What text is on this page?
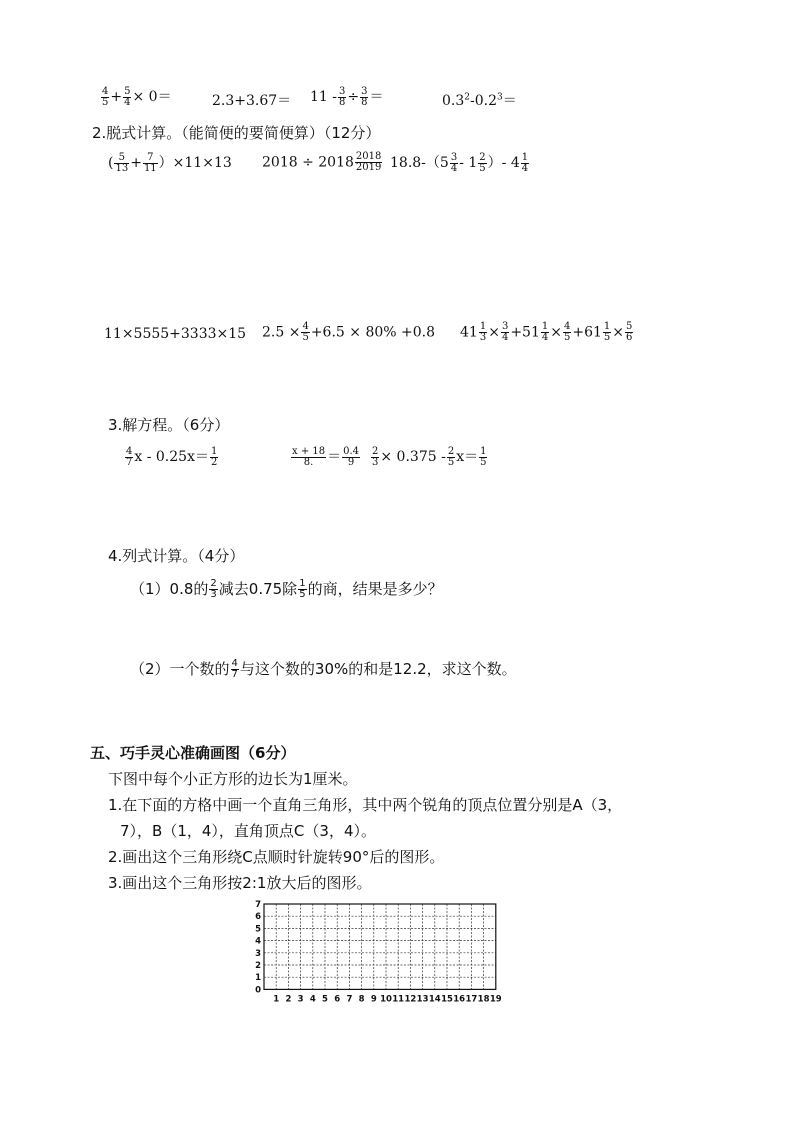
$\frac{4}{5} + \frac{5}{4} \times 0=$	$2.3+3.67= 11 - \frac{3}{8} \div \frac{3}{8}$ ＝	$0.3^2-0.2^3=$
2.脱式计算。（能简便的要简便算）（12分）
( $\frac{5}{13} + \frac{7}{11} )\times 11\times 13$ $2018 \div 2018 \frac{2018}{2019} 18.8-(5 \frac{3}{4} - 1 \frac{2}{5}$ ）- $4 \frac{1}{4}$
11×5555+3333×15 $2.5 \times \frac{4}{5} +6.5 \times 80\% +0.8$ $41 \frac{1}{3} \times \frac{3}{4} +51 \frac{1}{4} \times \frac{4}{5} +61 \frac{1}{5} \times \frac{5}{6}$
3.解方程。（6分）
$\frac{4}{7}$ $x - 0.25x= \frac{1}{2}$	$\frac{x + 18}{8.} = \frac{0.4}{9} \frac{2}{3} \times 0.375 - \frac{2}{5} x= \frac{1}{5}$
4.列式计算。（4分）
（1）0.8的 $\frac{2}{3}$ 减去0.75除 $\frac{1}{5}$ 的商，结果是多少？
（2）一个数的 $\frac{4}{7}$ 与这个数的30%的和是12.2，求这个数。
五、巧手灵心准确画图（6分）
下图中每个小正方形的边长为1厘米。
1.在下面的方格中画一个直角三角形，其中两个锐角的顶点位置分别是A（3，
7），B（1，4），直角顶点C（3，4）。
2.画出这个三角形绕C点顺时针旋转90°后的图形。
3.画出这个三角形按2:1放大后的图形。
1 2 3 4 5 6 7 8 9 10 11 12 13 14 15 16 17 18 19
0
1
2
3
4
5
6
7
